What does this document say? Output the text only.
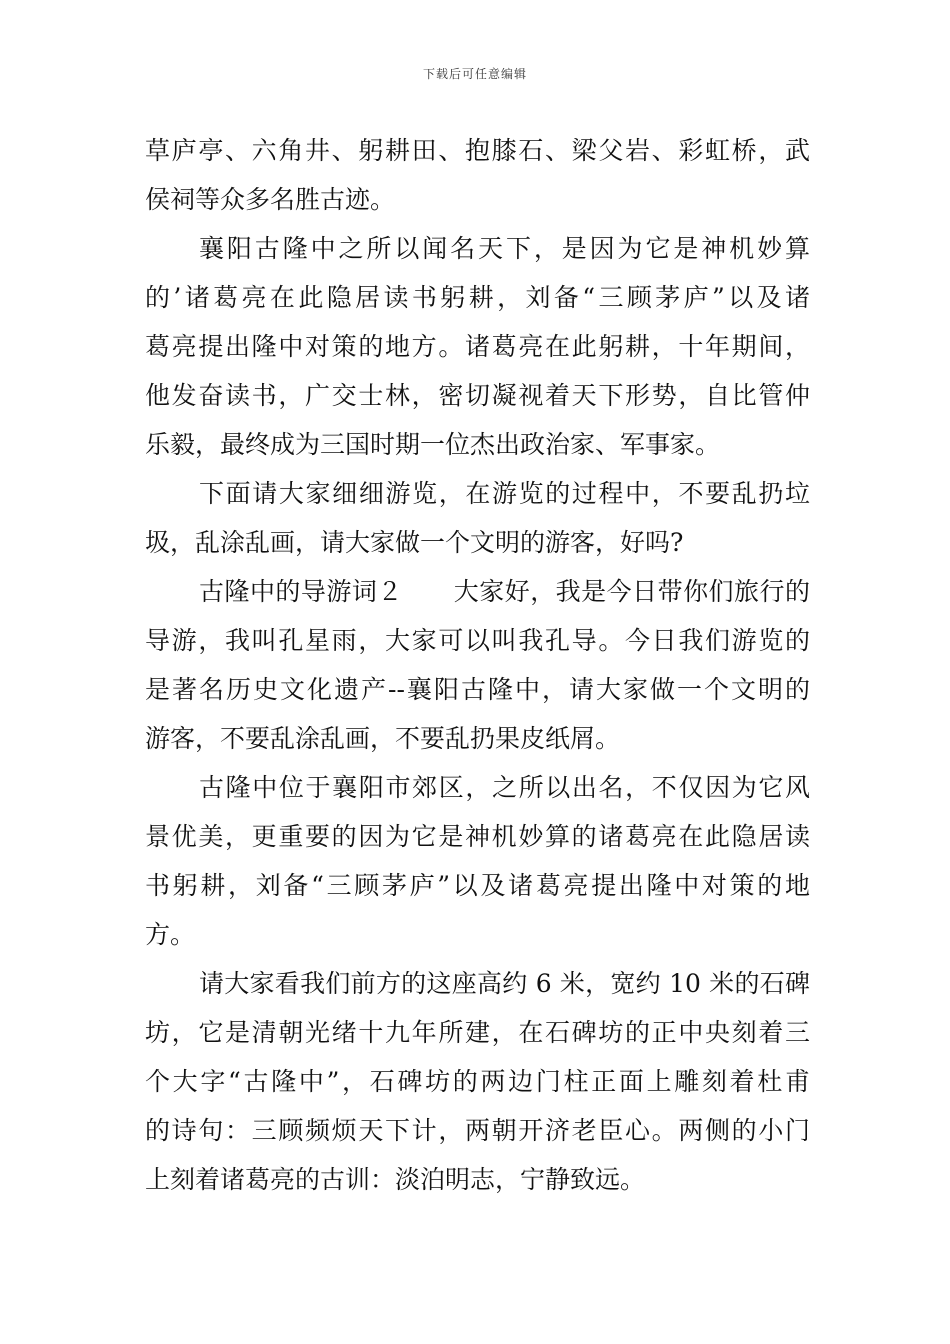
下载后可任意编辑
草庐亭、六角井、躬耕田、抱膝石、梁父岩、彩虹桥，武
侯祠等众多名胜古迹。
襄阳古隆中之所以闻名天下，是因为它是神机妙算
的’诸葛亮在此隐居读书躬耕，刘备“三顾茅庐”以及诸
葛亮提出隆中对策的地方。诸葛亮在此躬耕，十年期间，
他发奋读书，广交士林，密切凝视着天下形势，自比管仲
乐毅，最终成为三国时期一位杰出政治家、军事家。
下面请大家细细游览，在游览的过程中，不要乱扔垃
圾，乱涂乱画，请大家做一个文明的游客，好吗?
古隆中的导游词２　　大家好，我是今日带你们旅行的
导游，我叫孔星雨，大家可以叫我孔导。今日我们游览的
是著名历史文化遗产--襄阳古隆中，请大家做一个文明的
游客，不要乱涂乱画，不要乱扔果皮纸屑。
古隆中位于襄阳市郊区，之所以出名，不仅因为它风
景优美，更重要的因为它是神机妙算的诸葛亮在此隐居读
书躬耕，刘备“三顾茅庐”以及诸葛亮提出隆中对策的地
方。
请大家看我们前方的这座高约 6 米，宽约 10 米的石碑
坊，它是清朝光绪十九年所建，在石碑坊的正中央刻着三
个大字“古隆中”，石碑坊的两边门柱正面上雕刻着杜甫
的诗句：三顾频烦天下计，两朝开济老臣心。两侧的小门
上刻着诸葛亮的古训：淡泊明志，宁静致远。
